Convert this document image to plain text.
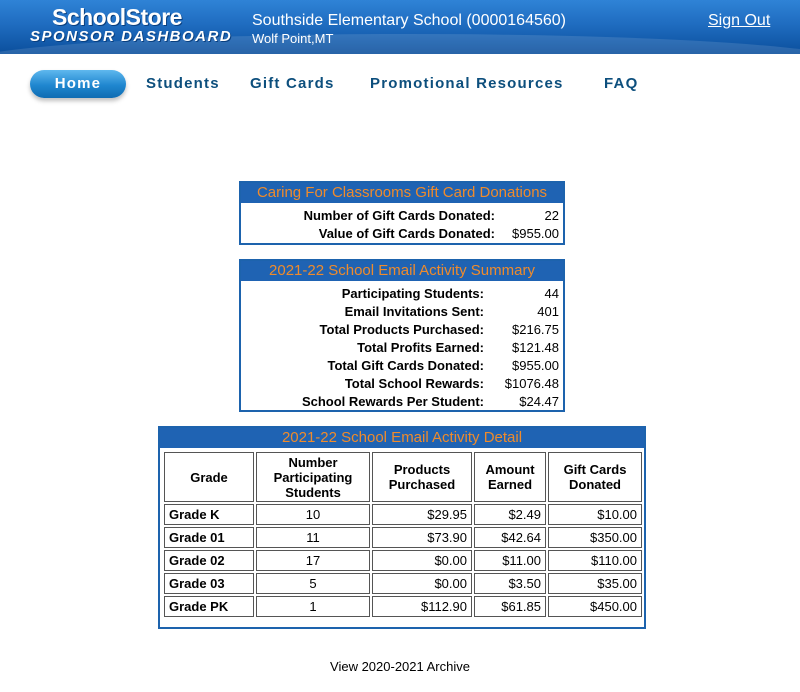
SchoolStore
SPONSOR DASHBOARD
Southside Elementary School (0000164560)
Wolf Point,MT
Sign Out
Home	Students Gift Cards Promotional Resources	FAQ
Caring For Classrooms Gift Card Donations
Number of Gift Cards Donated:	22
Value of Gift Cards Donated: $955.00
2021-22 School Email Activity Summary
Participating Students:	44
Email Invitations Sent:	401
Total Products Purchased: $216.75
Total Profits Earned: $121.48
Total Gift Cards Donated: $955.00
Total School Rewards: $1076.48
School Rewards Per Student:	$24.47
2021-22 School Email Activity Detail
Grade	Number Participating Students	Products Purchased	Amount Earned	Gift Cards Donated
Grade K	10	$29.95	$2.49	$10.00
Grade 01	11	$73.90	$42.64	$350.00
Grade 02	17	$0.00	$11.00	$110.00
Grade 03	5	$0.00	$3.50	$35.00
Grade PK	1	$112.90	$61.85	$450.00
View 2020-2021 Archive
